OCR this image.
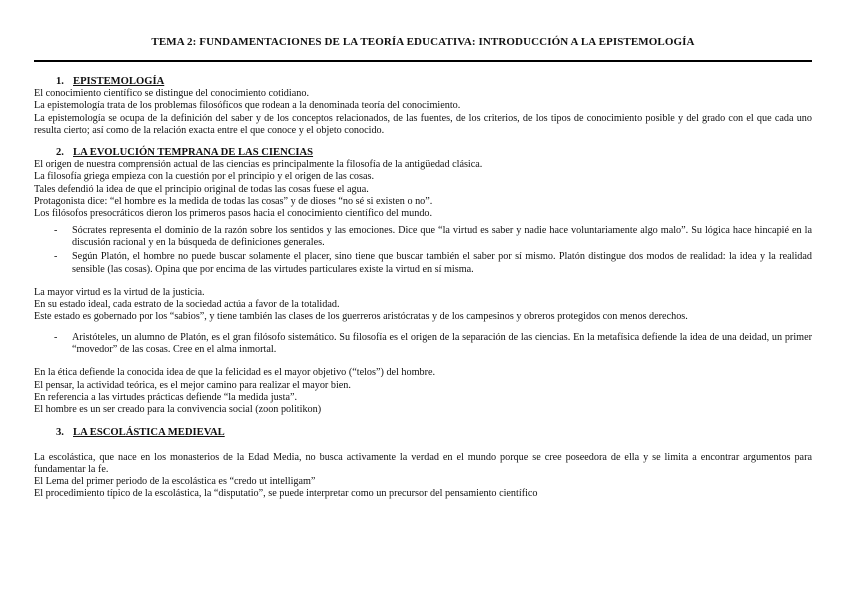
TEMA 2: FUNDAMENTACIONES DE LA TEORÍA EDUCATIVA: INTRODUCCIÓN A LA EPISTEMOLOGÍA
1. EPISTEMOLOGÍA

El conocimiento científico se distingue del conocimiento cotidiano.

La epistemología trata de los problemas filosóficos que rodean a la denominada teoría del conocimiento.

La epistemología se ocupa de la definición del saber y de los conceptos relacionados, de las fuentes, de los criterios, de los tipos de conocimiento posible y del grado con el que cada uno resulta cierto; así como de la relación exacta entre el que conoce y el objeto conocido.

2. LA EVOLUCIÓN TEMPRANA DE LAS CIENCIAS

El origen de nuestra comprensión actual de las ciencias es principalmente la filosofía de la antigüedad clásica.

La filosofía griega empieza con la cuestión por el principio y el origen de las cosas.

Tales defendió la idea de que el principio original de todas las cosas fuese el agua.

Protagonista dice: “el hombre es la medida de todas las cosas” y de dioses “no sé si existen o no”.

Los filósofos presocráticos dieron los primeros pasos hacia el conocimiento científico del mundo.

- Sócrates representa el dominio de la razón sobre los sentidos y las emociones. Dice que “la virtud es saber y nadie hace voluntariamente algo malo”. Su lógica hace hincapié en la discusión racional y en la búsqueda de definiciones generales.
- Según Platón, el hombre no puede buscar solamente el placer, sino tiene que buscar también el saber por sí mismo. Platón distingue dos modos de realidad: la idea y la realidad sensible (las cosas). Opina que por encima de las virtudes particulares existe la virtud en sí misma.

La mayor virtud es la virtud de la justicia.

En su estado ideal, cada estrato de la sociedad actúa a favor de la totalidad.

Este estado es gobernado por los “sabios”, y tiene también las clases de los guerreros aristócratas y de los campesinos y obreros protegidos con menos derechos.

- Aristóteles, un alumno de Platón, es el gran filósofo sistemático. Su filosofía es el origen de la separación de las ciencias. En la metafísica defiende la idea de una deidad, un primer “movedor” de las cosas. Cree en el alma inmortal.

En la ética defiende la conocida idea de que la felicidad es el mayor objetivo (“telos”) del hombre.

El pensar, la actividad teórica, es el mejor camino para realizar el mayor bien.

En referencia a las virtudes prácticas defiende “la medida justa”.

El hombre es un ser creado para la convivencia social (zoon politikon)

3. LA ESCOLÁSTICA MEDIEVAL

La escolástica, que nace en los monasterios de la Edad Media, no busca activamente la verdad en el mundo porque se cree poseedora de ella y se limita a encontrar argumentos para fundamentar la fe.

El Lema del primer periodo de la escolástica es “credo ut intelligam”

El procedimiento típico de la escolástica, la “disputatio”, se puede interpretar como un precursor del pensamiento científico
